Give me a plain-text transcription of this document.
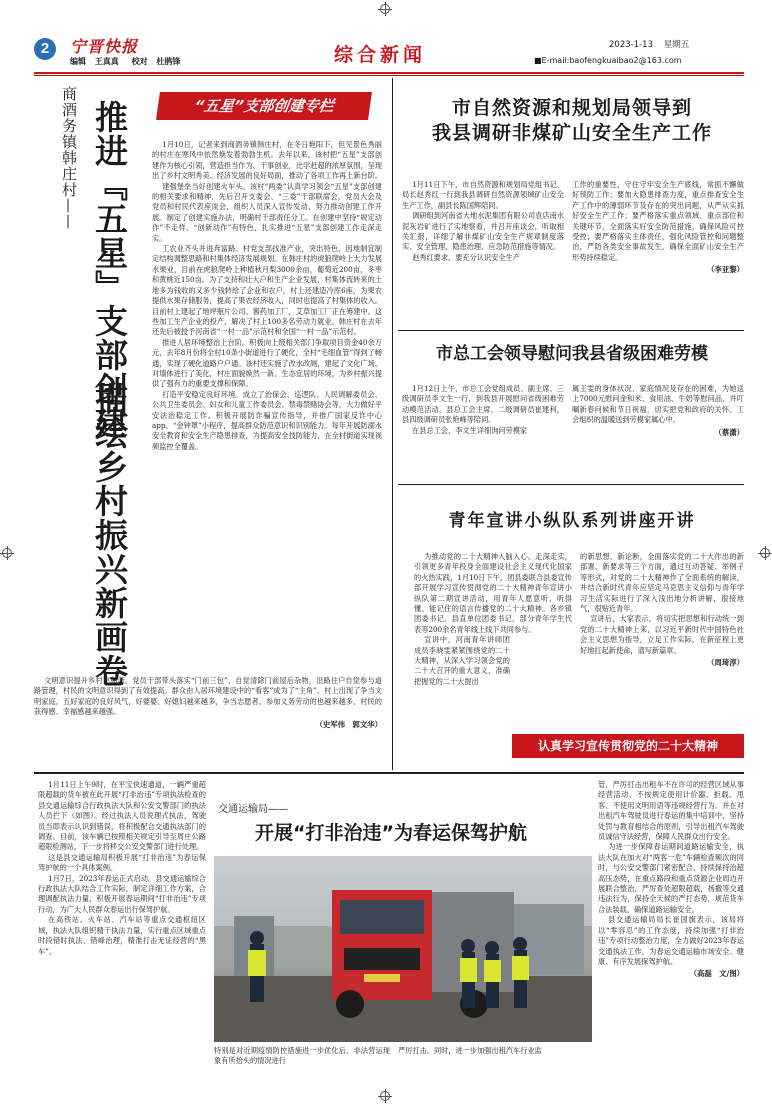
2	宁晋快报
编辑 王真真 校对 杜鹃锋	综合新闻	2023-1-13 星期五
■E-mail:baofengkuaibao2@163.com
商酒务镇韩庄村—— 推进『五星』支部创建
描绘乡村振兴新画卷
“五星”支部创建专栏

1月10日，记者来到商酒务镇韩庄村，在冬日艳阳下，但见景色秀丽的村庄在寒风中依然焕发着勃勃生机。去年以来，该村把“五星”支部创建作为核心引领，营造担当作为、干事创业，比学赶超的浓厚氛围，呈现出了乡村文明秀美、经济发展的良好局面，推动了各项工作再上新台阶。

建强堡垒当好创建火车头。该村“两委”认真学习领会“五星”支部创建的相关要求和精神，先后召开支委会、“三委”干部联席会，党员大会及党员和村民代表座谈会，组织人员深入宣传发动，努力推动创建工作开展。制定了创建实施办法，明确村干部责任分工。在创建中坚持“规定动作”不走样、“创新动作”有特色，扎实推进“五星”支部创建工作走深走实。

工农业齐头并进奔富路。村党支部找准产业，突出特色，因地制宜制定结构调整思路和村集体经济发展规划。在韩庄村的虎狼爬岭上大力发展水果业，目前在虎狼爬岭上种植秋月梨3000余亩，葡萄近200亩，冬枣和黄桃近150亩。为了支持和壮大户和生产企业发展，村集体流转来的土地多为钱收的又多少钱转给了企业和农户，村上还建造冷库6座，为果农提供水果存储服务，提高了果农经济收入，同时也提高了村集体的收入。目前村上建起了地坪瓶片公司、酱药加工厂，艾草加工厂正在筹建中。这些加工生产企业的投产，解决了村上100多名劳动力就业。韩庄村在去年还先后被授予河南省“一村一品”示范村和全国“一村一品”示范村。

推进人居环境整治上台阶。积极向上级相关部门争取项目资金40余万元，去年8月份将全村10条小街道进行了硬化，全村“毛细血管”得到了畅通，实现了硬化道路户户通。该村还实施了改水改厕，建起了文化广场，对墙体进行了美化，村庄面貌焕然一新。生态宜居的环境，为乡村振兴提供了强有力的重要支撑和保障。

打造平安稳定良好环境。成立了治保会、巡逻队、人民调解委员会、公共卫生委员会、妇女和儿童工作委员会、禁毒禁赌协会等，大力做好平安法治稳定工作。积极开展防诈骗宣传指导，并推广国家反诈中心app、“金钟罩”小程序，提高群众防范意识和识别能力。每年开展防溺水安全教育和安全生产隐患排查，为提高安全技防能力，在全村街道实现视频监控全覆盖。

文明意识提升乡村更和谐。党员干部带头落实“门前三包”，自觉清除门前屋后杂物，沿路住户自觉参与道路管理，村民的文明意识得到了有效提高。群众由人居环境建设中的“看客”成为了“主角”。村上出现了争当文明家庭，五好家庭的良好风气，好婆婆、好媳妇越来越多，争当志愿者、参加义务劳动的也越来越多，村民的获得感、幸福感越来越强。

（史军伟　郭文华）
市自然资源和规划局领导到
我县调研非煤矿山安全生产工作

1月11日下午，市自然资源和规划局党组书记、局长赵秀红一行到我县调研自然资源领域矿山安全生产工作，副县长陈国辉陪同。

调研组到河南省大地水泥集团有限公司袁店南水泥灰岩矿进行了实地察看，并召开座谈会，听取相关汇报，详细了解非煤矿山安全生产规章制度落实、安全管理、隐患治理、应急防范措施等情况。

赵秀红要求，要充分认识安全生产

工作的重要性，守住守牢安全生产底线，常抓不懈做好预防工作；要加大隐患排查力度，重点排查安全生产工作中的薄弱环节及存在的突出问题，从严从实抓好安全生产工作；要严格落实重点领域、重点部位和关键环节，全面落实好安全防范措施，确保风险可控受控；要严格落实主体责任，强化风险管控和问题整治，严防各类安全事故发生，确保全面矿山安全生产形势持续稳定。

（李亚黎）
市总工会领导慰问我县省级困难劳模

1月12日上午，市总工会党组成员、副主席、三级调研员李文生一行，到我县开展慰问省级困难劳动模范活动。县总工会主席、二级调研员崔建利，县四级调研员张艳峰等陪同。

在县总工会，李文生详细询问劳模家

属王雯的身体状况、家庭情况及存在的困难，为她送上7000元慰问金和米、食用油、牛奶等慰问品，并叮嘱新春问候和节日祝福，切实把党和政府的关怀、工会组织的温暖送到劳模家属心中。

（蔡潇）
青年宣讲小纵队系列讲座开讲

为推动党的二十大精神入脑入心、走深走实，引领更多青年投身全面建设社会主义现代化国家的火热实践，1月10日下午，团县委联合县委宣传部开展学习宣传贯彻党的二十大精神青年宣讲小纵队第二期宣讲活动，用青年人愿意听、听得懂、能记住的语言传播党的二十大精神。各乡镇团委书记、县直单位团委书记，部分青年学生代表等200余名青年线上线下共同参与。

宣讲中，河南青年讲师团成员李晓雯紧紧围绕党的二十大精神，从深入学习领会党的二十大召开的重大意义，准确把握党的二十大提出

的新思想、新论断，全面落实党的二十大作出的新部署、新要求等三个方面，通过互动答疑、举例子等形式，对党的二十大精神作了全面系统的解读，并结合新时代青年应坚定马克思主义信仰与青年学习生活实际进行了深入浅出地分析讲解，很接地气，很贴近青年。

宣讲后，大家表示，将切实把思想和行动统一到党的二十大精神上来，以习近平新时代中国特色社会主义思想为指导，立足工作实际，在新征程上更好地扛起新使命，谱写新篇章。

（周琦淳）
认真学习宣传贯彻党的二十大精神

1月11日上午9时，在平宝快速通道，一辆严重超限超载的货车被在此开展“打非治违”专项执法检查的县交通运输综合行政执法大队和公安交警部门的执法人员拦下（如图）。经过执法人员说理式执法，驾驶员当即表示认识到错误，将积极配合交通执法部门的调查。目前，该车辆已按照相关规定引导至周庄公路超限检测站，下一步将移交公安交警部门进行处理。

这是县交通运输局积极开展“打非治违”为春运保驾护航的一个具体案例。

1月7日，2023年春运正式启动。县交通运输综合行政执法大队结合工作实际，制定详细工作方案，合理调配执法力量，积极开展春运期间“打非治违”专项行动，为广大人民群众春运出行保驾护航。

在高铁站、火车站、汽车站等重点交通枢纽区域，执法大队组织精干执法力量，实行重点区域重点时段错时执法、错峰治理，精准打击无证经营的“黑车”。

交通运输局——
开展“打非治违”为春运保驾护航

特别是对近期疫情防控措施进一步优化后，非法营运现象有所抬头的情况进行

严厉打击。同时，进一步加强出租汽车行业监

管，严厉打击出租车不在许可的经营区域从事经营活动、不按规定使用计价器、拒载、甩客、不使用文明用语等违规经营行为。并在对出租汽车驾驶员进行春运的集中培训中，坚持处罚与教育相结合的原则，引导出租汽车驾驶员诚信守法经营，保障人民群众出行安全。

为进一步保障春运期间道路运输安全，执法大队在加大对“两客一危”车辆检查频次的同时，与公安交警部门紧密配合，持续保持治超高压态势，在重点路段和重点货源企业周边开展联合整治，严厉查处超限超载，扬撒等交通违法行为，保持全天候的严打态势，规范货车合法装载，确保道路运输安全。

县交通运输局局长崔国旗表示，该局将以“零容忍”的工作态度，持续加强“打非治违”专项行动整治力度，全力做好2023年春运交通执法工作，为春运交通运输市场安全、健康、有序发展保驾护航。

（高磊　文/图）
